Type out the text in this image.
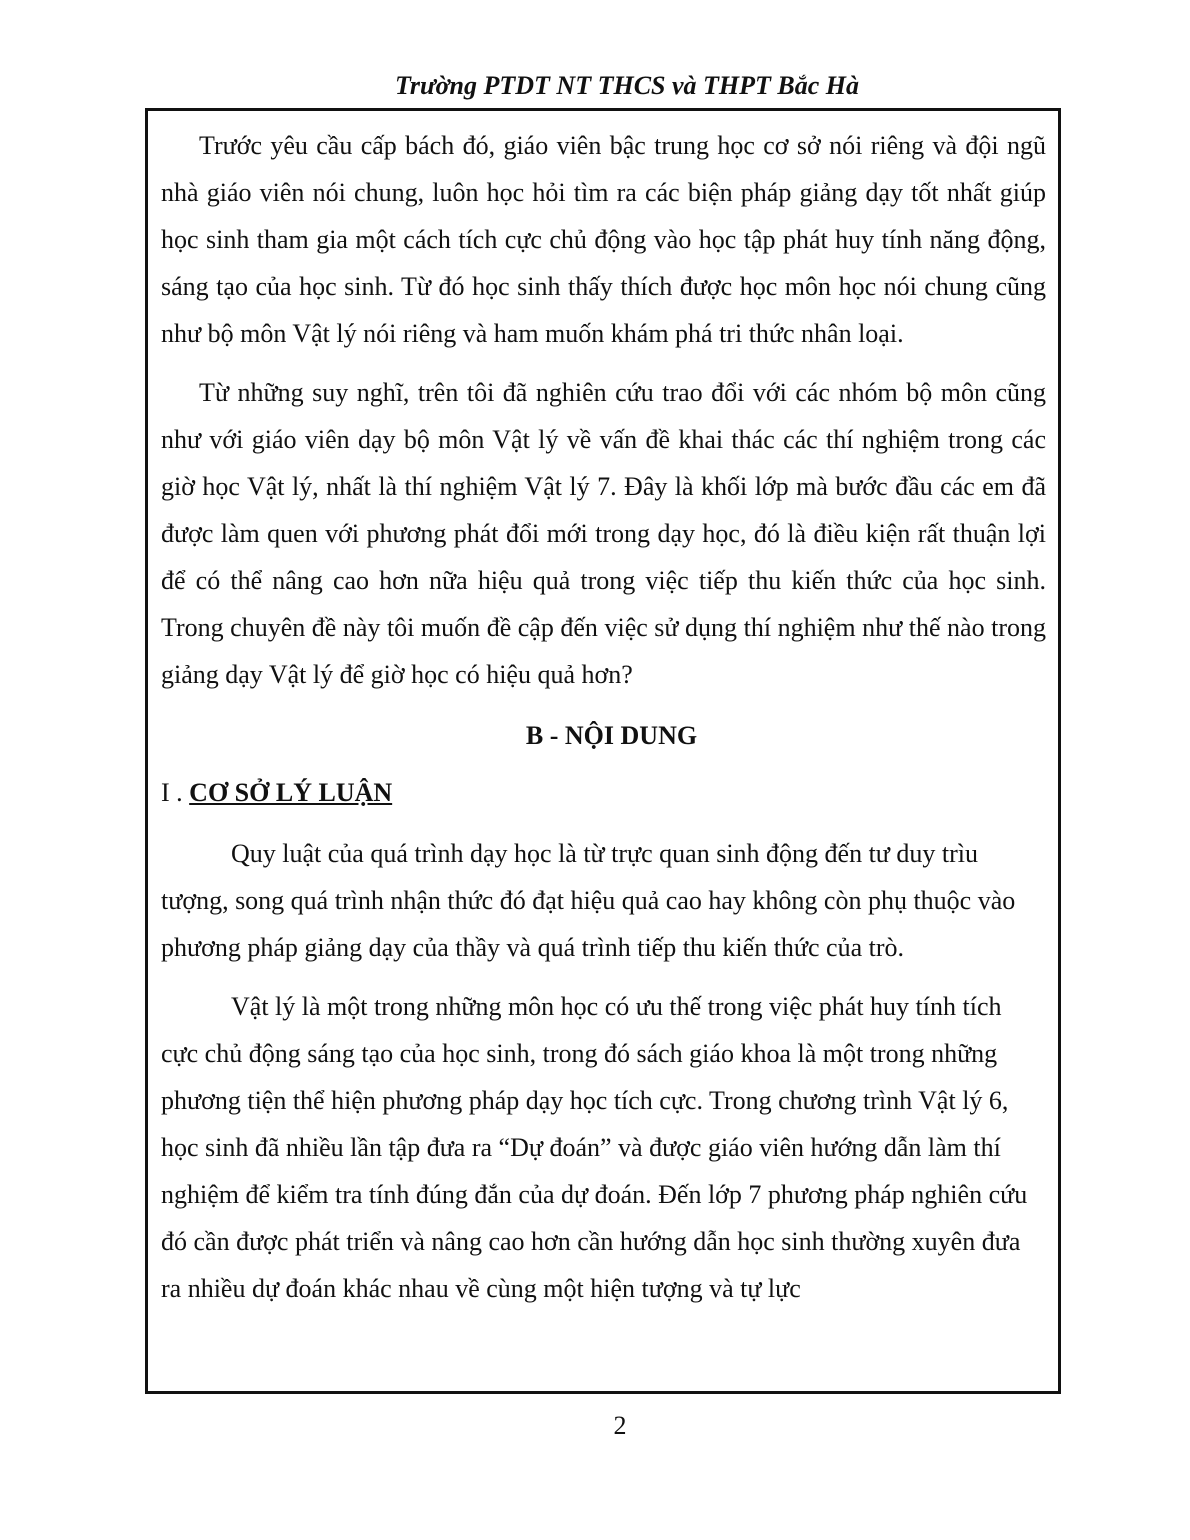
Trường PTDT NT THCS và THPT Bắc Hà

Trước yêu cầu cấp bách đó, giáo viên bậc trung học cơ sở nói riêng và đội ngũ nhà giáo viên nói chung, luôn học hỏi tìm ra các biện pháp giảng dạy tốt nhất giúp học sinh tham gia một cách tích cực chủ động vào học tập phát huy tính năng động, sáng tạo của học sinh. Từ đó học sinh thấy thích được học môn học nói chung cũng như bộ môn Vật lý nói riêng và ham muốn khám phá tri thức nhân loại.

Từ những suy nghĩ, trên tôi đã nghiên cứu trao đổi với các nhóm bộ môn cũng như với giáo viên dạy bộ môn Vật lý về vấn đề khai thác các thí nghiệm trong các giờ học Vật lý, nhất là thí nghiệm Vật lý 7. Đây là khối lớp mà bước đầu các em đã được làm quen với phương phát đổi mới trong dạy học, đó là điều kiện rất thuận lợi để có thể nâng cao hơn nữa hiệu quả trong việc tiếp thu kiến thức của học sinh. Trong chuyên đề này tôi muốn đề cập đến việc sử dụng thí nghiệm như thế nào trong giảng dạy Vật lý để giờ học có hiệu quả hơn?

B - NỘI DUNG

I . CƠ SỞ LÝ LUẬN

Quy luật của quá trình dạy học là từ trực quan sinh động đến tư duy trìu tượng, song quá trình nhận thức đó đạt hiệu quả cao hay không còn phụ thuộc vào phương pháp giảng dạy của thầy và quá trình tiếp thu kiến thức của trò.

Vật lý là một trong những môn học có ưu thế trong việc phát huy tính tích cực chủ động sáng tạo của học sinh, trong đó sách giáo khoa là một trong những phương tiện thể hiện phương pháp dạy học tích cực. Trong chương trình Vật lý 6, học sinh đã nhiều lần tập đưa ra “Dự đoán” và được giáo viên hướng dẫn làm thí nghiệm để kiểm tra tính đúng đắn của dự đoán. Đến lớp 7 phương pháp nghiên cứu đó cần được phát triển và nâng cao hơn cần hướng dẫn học sinh thường xuyên đưa ra nhiều dự đoán khác nhau về cùng một hiện tượng và tự lực

2
